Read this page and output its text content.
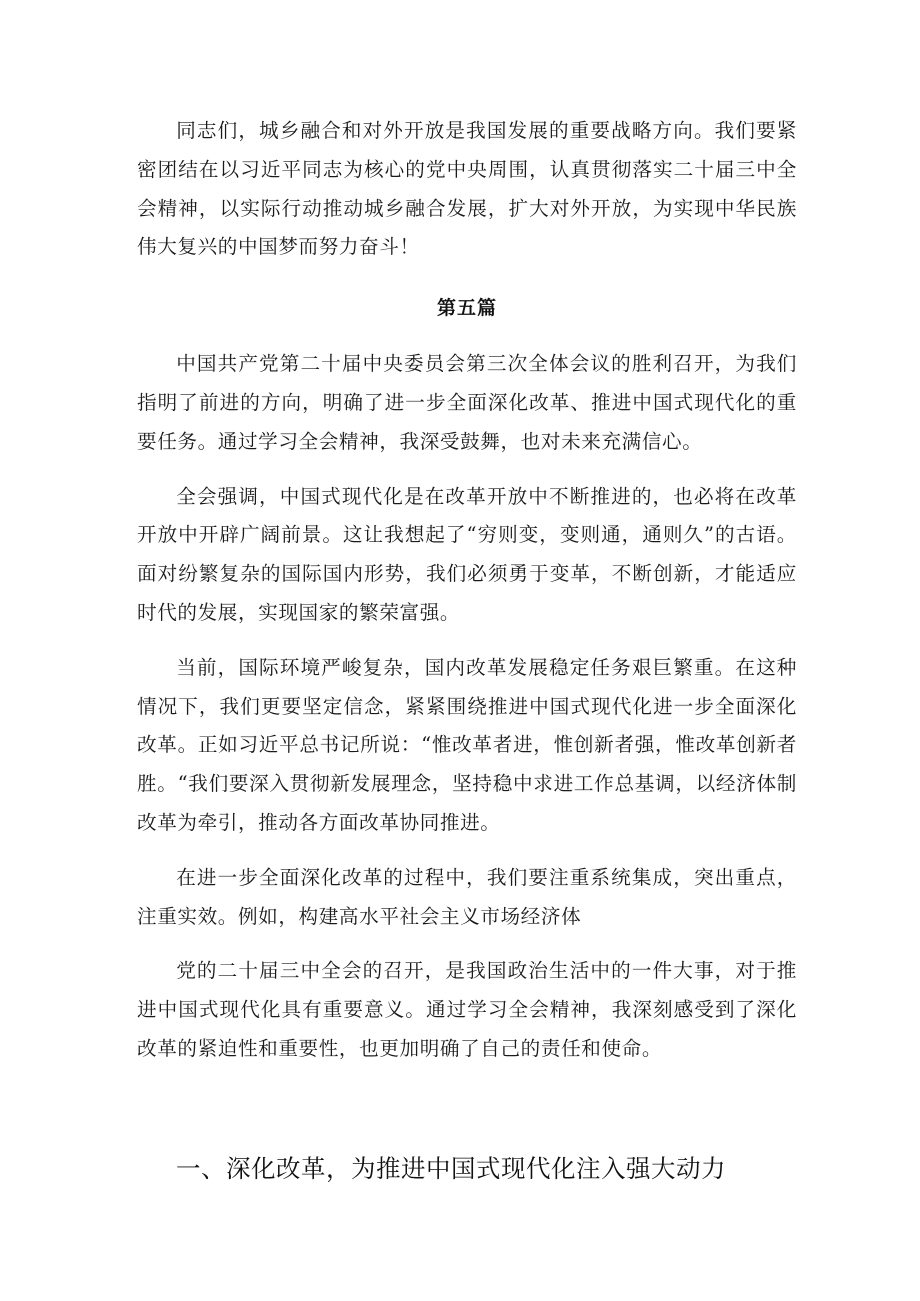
同志们，城乡融合和对外开放是我国发展的重要战略方向。我们要紧密团结在以习近平同志为核心的党中央周围，认真贯彻落实二十届三中全会精神，以实际行动推动城乡融合发展，扩大对外开放，为实现中华民族伟大复兴的中国梦而努力奋斗！

第五篇

中国共产党第二十届中央委员会第三次全体会议的胜利召开，为我们指明了前进的方向，明确了进一步全面深化改革、推进中国式现代化的重要任务。通过学习全会精神，我深受鼓舞，也对未来充满信心。

全会强调，中国式现代化是在改革开放中不断推进的，也必将在改革开放中开辟广阔前景。这让我想起了“穷则变，变则通，通则久”的古语。面对纷繁复杂的国际国内形势，我们必须勇于变革，不断创新，才能适应时代的发展，实现国家的繁荣富强。

当前，国际环境严峻复杂，国内改革发展稳定任务艰巨繁重。在这种情况下，我们更要坚定信念，紧紧围绕推进中国式现代化进一步全面深化改革。正如习近平总书记所说：“惟改革者进，惟创新者强，惟改革创新者胜。“我们要深入贯彻新发展理念，坚持稳中求进工作总基调，以经济体制改革为牵引，推动各方面改革协同推进。

在进一步全面深化改革的过程中，我们要注重系统集成，突出重点，注重实效。例如，构建高水平社会主义市场经济体

党的二十届三中全会的召开，是我国政治生活中的一件大事，对于推进中国式现代化具有重要意义。通过学习全会精神，我深刻感受到了深化改革的紧迫性和重要性，也更加明确了自己的责任和使命。

一、深化改革，为推进中国式现代化注入强大动力
